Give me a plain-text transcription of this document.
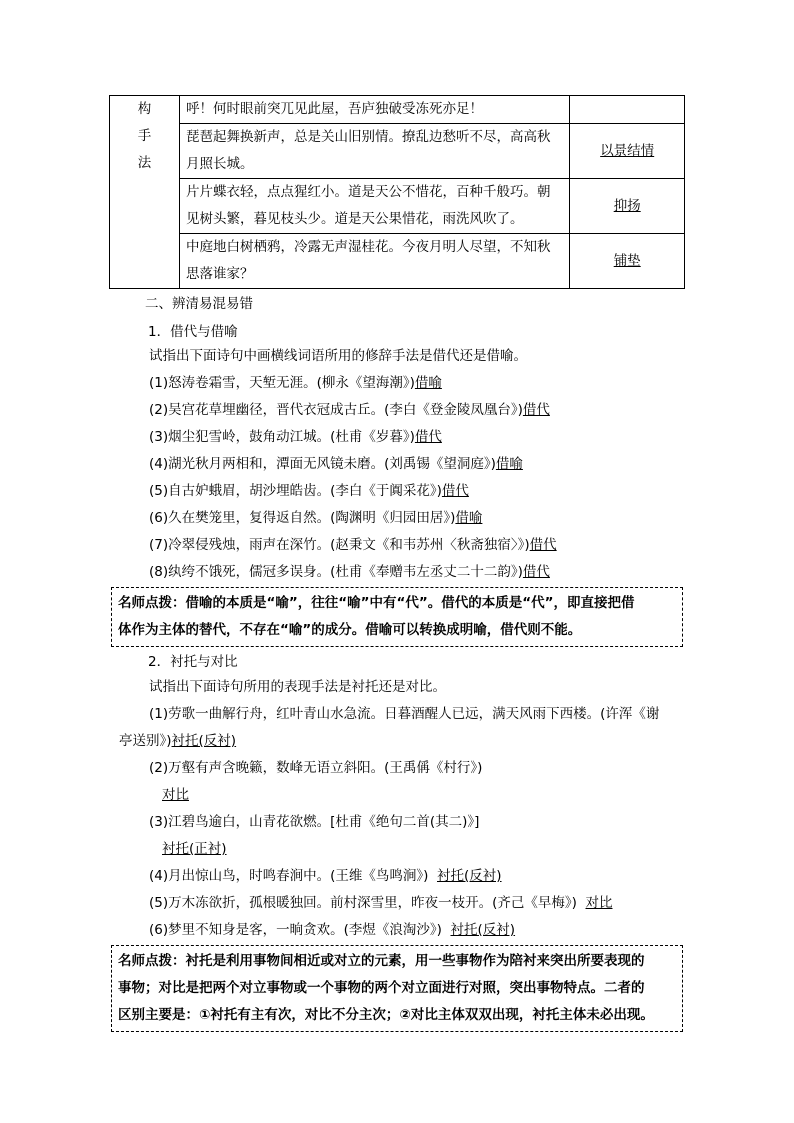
构
手
法	呼！何时眼前突兀见此屋，吾庐独破受冻死亦足！	

	琵琶起舞换新声，总是关山旧别情。撩乱边愁听不尽，高高秋
月照长城。	以景结情

	片片蝶衣轻，点点猩红小。道是天公不惜花，百种千般巧。朝
见树头繁，暮见枝头少。道是天公果惜花，雨洗风吹了。	抑扬

	中庭地白树栖鸦，冷露无声湿桂花。今夜月明人尽望，不知秋
思落谁家？	铺垫
二、辨清易混易错
1．借代与借喻
试指出下面诗句中画横线词语所用的修辞手法是借代还是借喻。
(1)怒涛卷霜雪，天堑无涯。(柳永《望海潮》)借喻
(2)吴宫花草埋幽径，晋代衣冠成古丘。(李白《登金陵凤凰台》)借代
(3)烟尘犯雪岭，鼓角动江城。(杜甫《岁暮》)借代
(4)湖光秋月两相和，潭面无风镜未磨。(刘禹锡《望洞庭》)借喻
(5)自古妒蛾眉，胡沙埋皓齿。(李白《于阗采花》)借代
(6)久在樊笼里，复得返自然。(陶渊明《归园田居》)借喻
(7)冷翠侵残烛，雨声在深竹。(赵秉文《和韦苏州〈秋斋独宿〉》)借代
(8)纨绔不饿死，儒冠多误身。(杜甫《奉赠韦左丞丈二十二韵》)借代
名师点拨：借喻的本质是“喻”，往往“喻”中有“代”。借代的本质是“代”，即直接把借
体作为主体的替代，不存在“喻”的成分。借喻可以转换成明喻，借代则不能。
2．衬托与对比
试指出下面诗句所用的表现手法是衬托还是对比。
(1)劳歌一曲解行舟，红叶青山水急流。日暮酒醒人已远，满天风雨下西楼。(许浑《谢
亭送别》)衬托(反衬)
(2)万壑有声含晚籁，数峰无语立斜阳。(王禹偁《村行》)
对比
(3)江碧鸟逾白，山青花欲燃。[杜甫《绝句二首(其二)》]
衬托(正衬)
(4)月出惊山鸟，时鸣春涧中。(王维《鸟鸣涧》) 衬托(反衬)
(5)万木冻欲折，孤根暖独回。前村深雪里，昨夜一枝开。(齐己《早梅》) 对比
(6)梦里不知身是客，一晌贪欢。(李煜《浪淘沙》) 衬托(反衬)
名师点拨：衬托是利用事物间相近或对立的元素，用一些事物作为陪衬来突出所要表现的
事物；对比是把两个对立事物或一个事物的两个对立面进行对照，突出事物特点。二者的
区别主要是：①衬托有主有次，对比不分主次；②对比主体双双出现，衬托主体未必出现。
